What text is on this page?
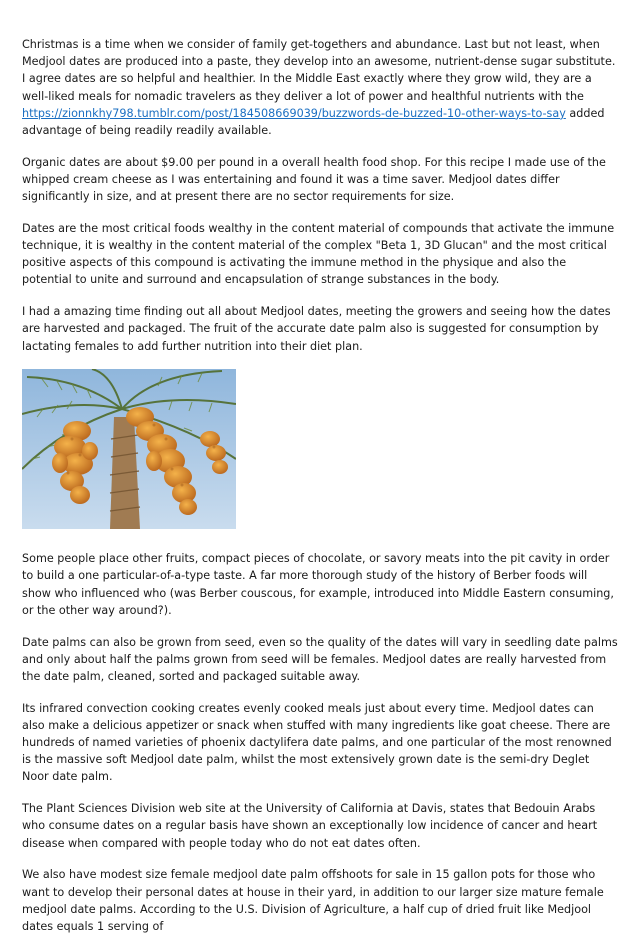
Christmas is a time when we consider of family get-togethers and abundance. Last but not least, when Medjool dates are produced into a paste, they develop into an awesome, nutrient-dense sugar substitute. I agree dates are so helpful and healthier. In the Middle East exactly where they grow wild, they are a well-liked meals for nomadic travelers as they deliver a lot of power and healthful nutrients with the https://zionnkhy798.tumblr.com/post/184508669039/buzzwords-de-buzzed-10-other-ways-to-say added advantage of being readily readily available.

Organic dates are about $9.00 per pound in a overall health food shop. For this recipe I made use of the whipped cream cheese as I was entertaining and found it was a time saver. Medjool dates differ significantly in size, and at present there are no sector requirements for size.

Dates are the most critical foods wealthy in the content material of compounds that activate the immune technique, it is wealthy in the content material of the complex "Beta 1, 3D Glucan" and the most critical positive aspects of this compound is activating the immune method in the physique and also the potential to unite and surround and encapsulation of strange substances in the body.

I had a amazing time finding out all about Medjool dates, meeting the growers and seeing how the dates are harvested and packaged. The fruit of the accurate date palm also is suggested for consumption by lactating females to add further nutrition into their diet plan.

Some people place other fruits, compact pieces of chocolate, or savory meats into the pit cavity in order to build a one particular-of-a-type taste. A far more thorough study of the history of Berber foods will show who influenced who (was Berber couscous, for example, introduced into Middle Eastern consuming, or the other way around?).

Date palms can also be grown from seed, even so the quality of the dates will vary in seedling date palms and only about half the palms grown from seed will be females. Medjool dates are really harvested from the date palm, cleaned, sorted and packaged suitable away.

Its infrared convection cooking creates evenly cooked meals just about every time. Medjool dates can also make a delicious appetizer or snack when stuffed with many ingredients like goat cheese. There are hundreds of named varieties of phoenix dactylifera date palms, and one particular of the most renowned is the massive soft Medjool date palm, whilst the most extensively grown date is the semi-dry Deglet Noor date palm.

The Plant Sciences Division web site at the University of California at Davis, states that Bedouin Arabs who consume dates on a regular basis have shown an exceptionally low incidence of cancer and heart disease when compared with people today who do not eat dates often.

We also have modest size female medjool date palm offshoots for sale in 15 gallon pots for those who want to develop their personal dates at house in their yard, in addition to our larger size mature female medjool date palms. According to the U.S. Division of Agriculture, a half cup of dried fruit like Medjool dates equals 1 serving of
